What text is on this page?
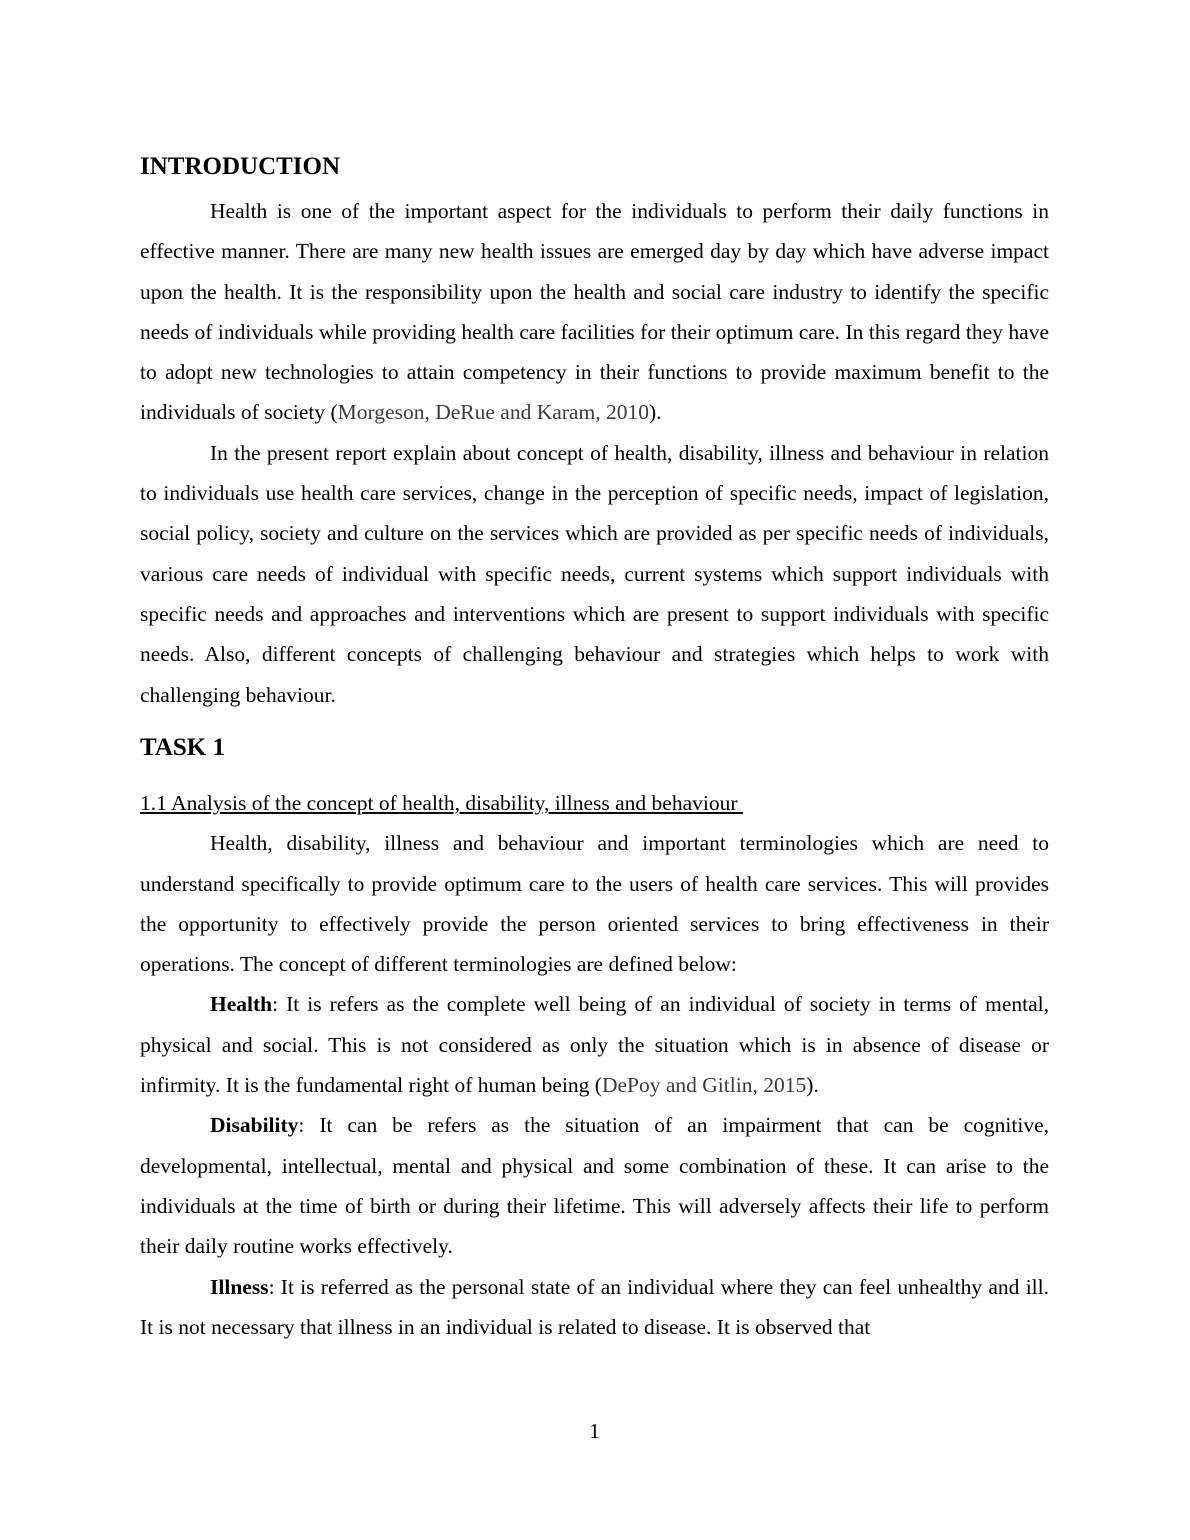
INTRODUCTION

Health is one of the important aspect for the individuals to perform their daily functions in effective manner. There are many new health issues are emerged day by day which have adverse impact upon the health. It is the responsibility upon the health and social care industry to identify the specific needs of individuals while providing health care facilities for their optimum care. In this regard they have to adopt new technologies to attain competency in their functions to provide maximum benefit to the individuals of society (Morgeson, DeRue and Karam, 2010).

In the present report explain about concept of health, disability, illness and behaviour in relation to individuals use health care services, change in the perception of specific needs, impact of legislation, social policy, society and culture on the services which are provided as per specific needs of individuals, various care needs of individual with specific needs, current systems which support individuals with specific needs and approaches and interventions which are present to support individuals with specific needs. Also, different concepts of challenging behaviour and strategies which helps to work with challenging behaviour.

TASK 1

1.1 Analysis of the concept of health, disability, illness and behaviour

Health, disability, illness and behaviour and important terminologies which are need to understand specifically to provide optimum care to the users of health care services. This will provides the opportunity to effectively provide the person oriented services to bring effectiveness in their operations. The concept of different terminologies are defined below:

Health: It is refers as the complete well being of an individual of society in terms of mental, physical and social. This is not considered as only the situation which is in absence of disease or infirmity. It is the fundamental right of human being (DePoy and Gitlin, 2015).

Disability: It can be refers as the situation of an impairment that can be cognitive, developmental, intellectual, mental and physical and some combination of these. It can arise to the individuals at the time of birth or during their lifetime. This will adversely affects their life to perform their daily routine works effectively.

Illness: It is referred as the personal state of an individual where they can feel unhealthy and ill. It is not necessary that illness in an individual is related to disease. It is observed that

1
